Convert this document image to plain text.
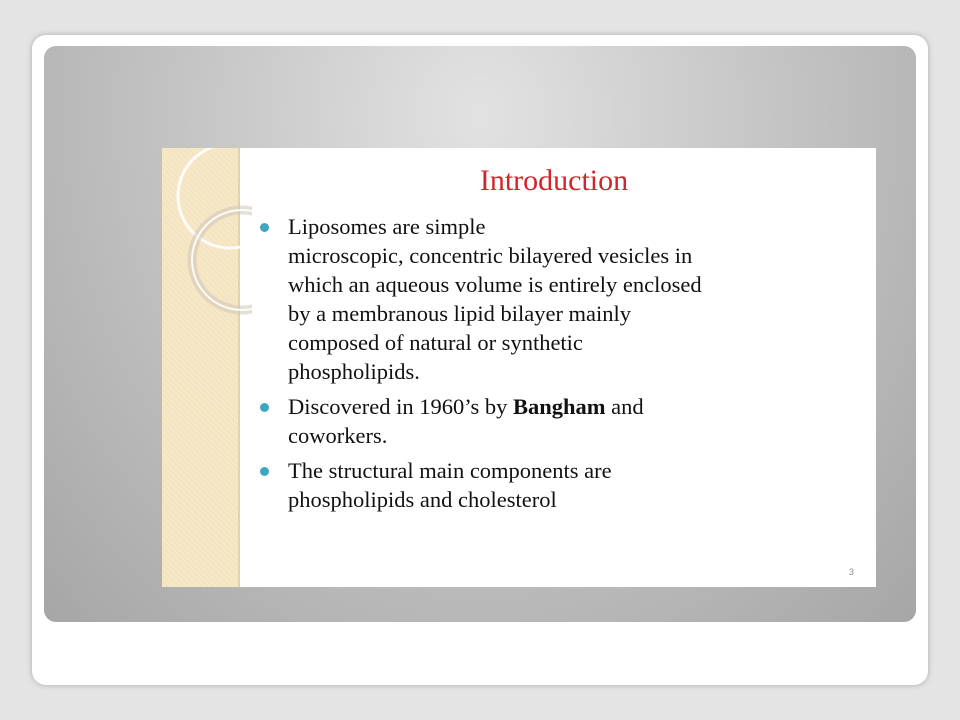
Introduction
Liposomes are simple
microscopic, concentric bilayered vesicles in
which an aqueous volume is entirely enclosed
by a membranous lipid bilayer mainly
composed of natural or synthetic
phospholipids.
Discovered in 1960’s by Bangham and
coworkers.
The structural main components are
phospholipids and cholesterol
3
